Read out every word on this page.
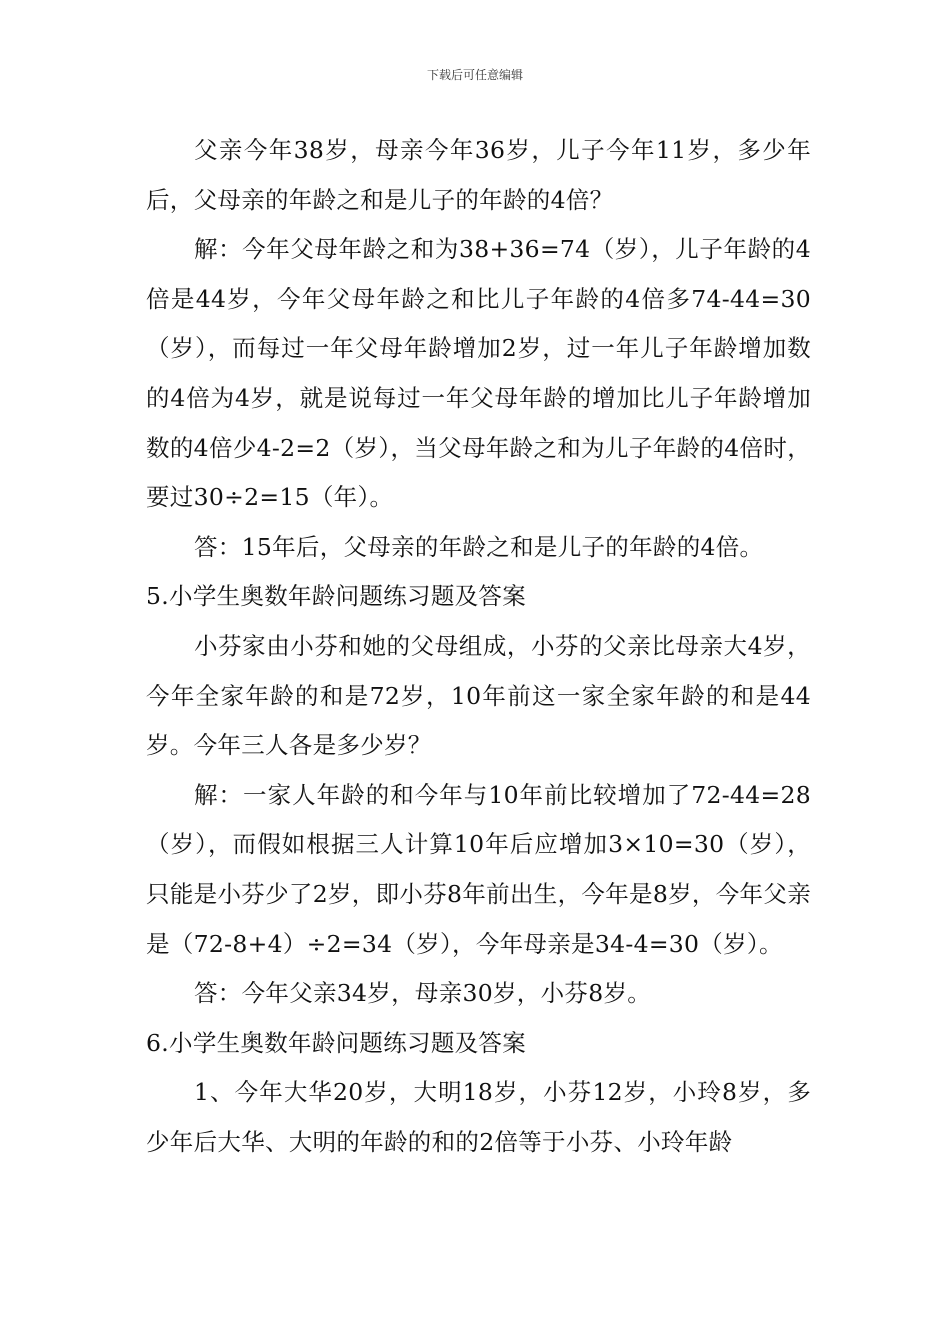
下载后可任意编辑

父亲今年38岁，母亲今年36岁，儿子今年11岁，多少年后，父母亲的年龄之和是儿子的年龄的4倍？

解：今年父母年龄之和为38+36=74（岁），儿子年龄的4倍是44岁，今年父母年龄之和比儿子年龄的4倍多74-44=30（岁），而每过一年父母年龄增加2岁，过一年儿子年龄增加数的4倍为4岁，就是说每过一年父母年龄的增加比儿子年龄增加数的4倍少4-2=2（岁），当父母年龄之和为儿子年龄的4倍时，要过30÷2=15（年）。

答：15年后，父母亲的年龄之和是儿子的年龄的4倍。

5.小学生奥数年龄问题练习题及答案

小芬家由小芬和她的父母组成，小芬的父亲比母亲大4岁，今年全家年龄的和是72岁，10年前这一家全家年龄的和是44岁。今年三人各是多少岁？

解：一家人年龄的和今年与10年前比较增加了72-44=28（岁），而假如根据三人计算10年后应增加3×10=30（岁），只能是小芬少了2岁，即小芬8年前出生，今年是8岁，今年父亲是（72-8+4）÷2=34（岁），今年母亲是34-4=30（岁）。

答：今年父亲34岁，母亲30岁，小芬8岁。

6.小学生奥数年龄问题练习题及答案

1、今年大华20岁，大明18岁，小芬12岁，小玲8岁，多少年后大华、大明的年龄的和的2倍等于小芬、小玲年龄
